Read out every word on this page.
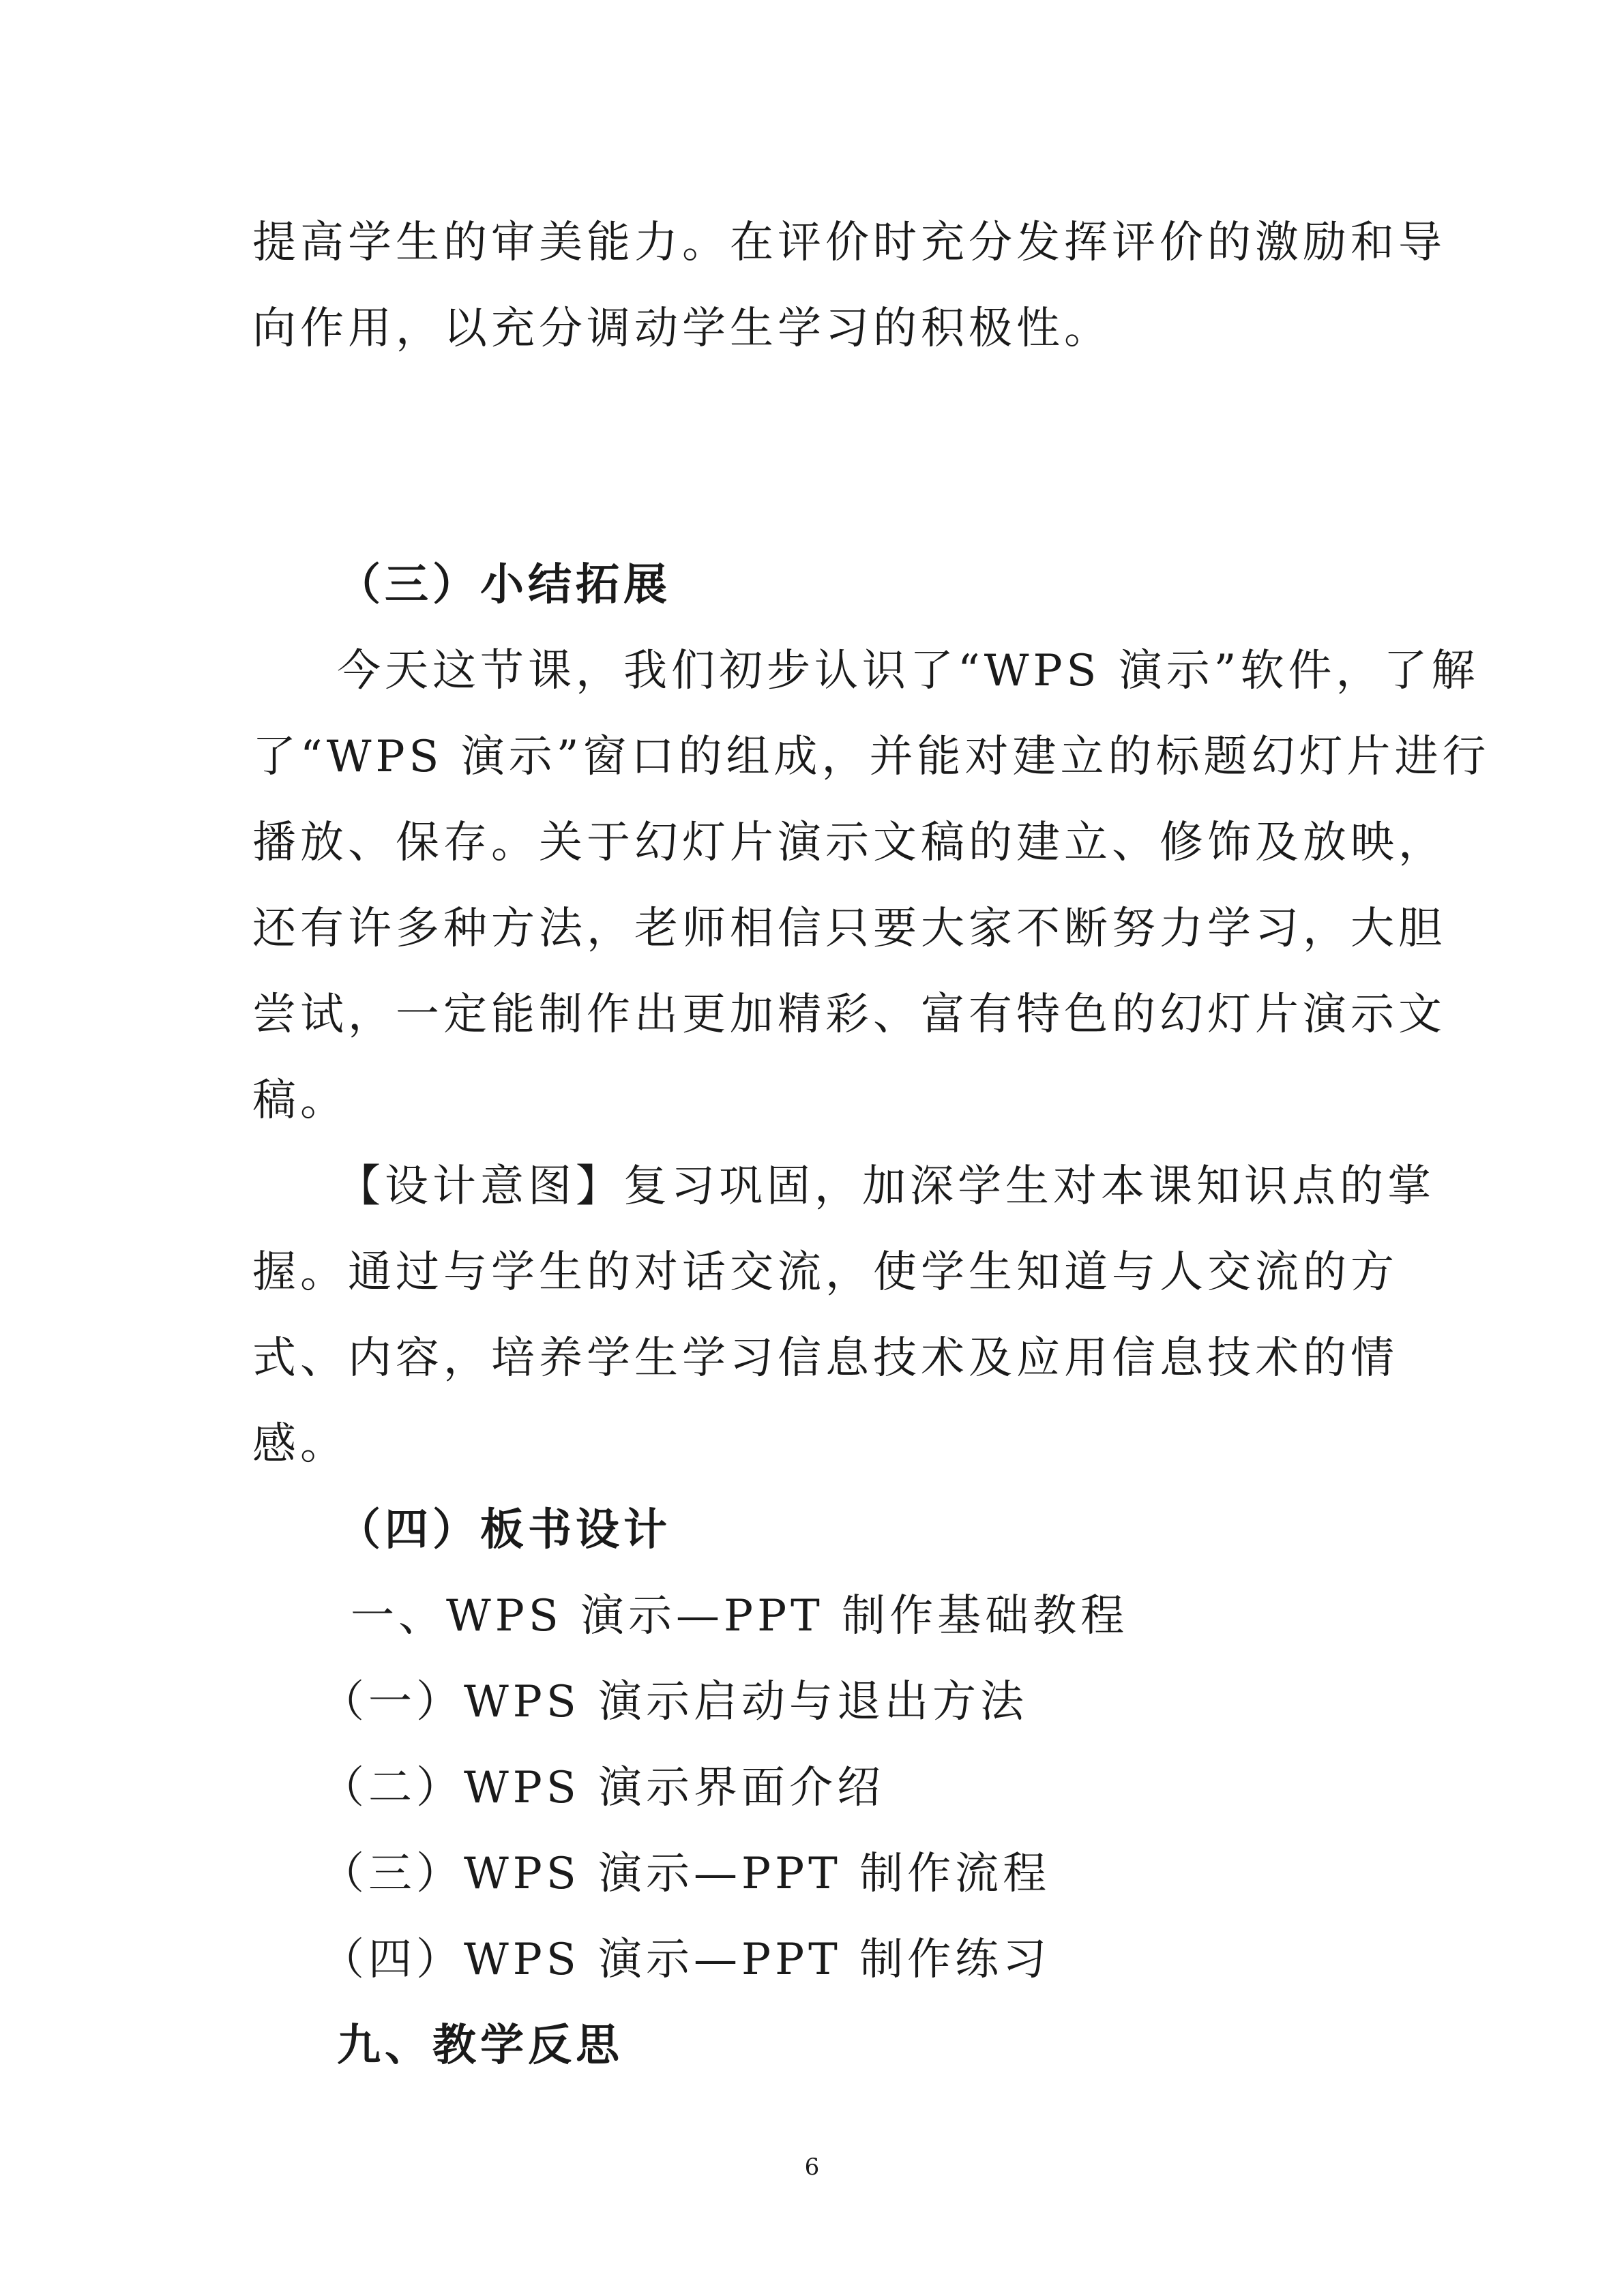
提高学生的审美能力。在评价时充分发挥评价的激励和导
向作用，以充分调动学生学习的积极性。
（三）小结拓展
今天这节课，我们初步认识了“WPS 演示”软件，了解
了“WPS 演示”窗口的组成，并能对建立的标题幻灯片进行
播放、保存。关于幻灯片演示文稿的建立、修饰及放映，
还有许多种方法，老师相信只要大家不断努力学习，大胆
尝试，一定能制作出更加精彩、富有特色的幻灯片演示文
稿。
【设计意图】复习巩固，加深学生对本课知识点的掌
握。通过与学生的对话交流，使学生知道与人交流的方
式、内容，培养学生学习信息技术及应用信息技术的情
感。
（四）板书设计
一、WPS 演示—PPT 制作基础教程
（一）WPS 演示启动与退出方法
（二）WPS 演示界面介绍
（三）WPS 演示—PPT 制作流程
（四）WPS 演示—PPT 制作练习
九、教学反思
6
